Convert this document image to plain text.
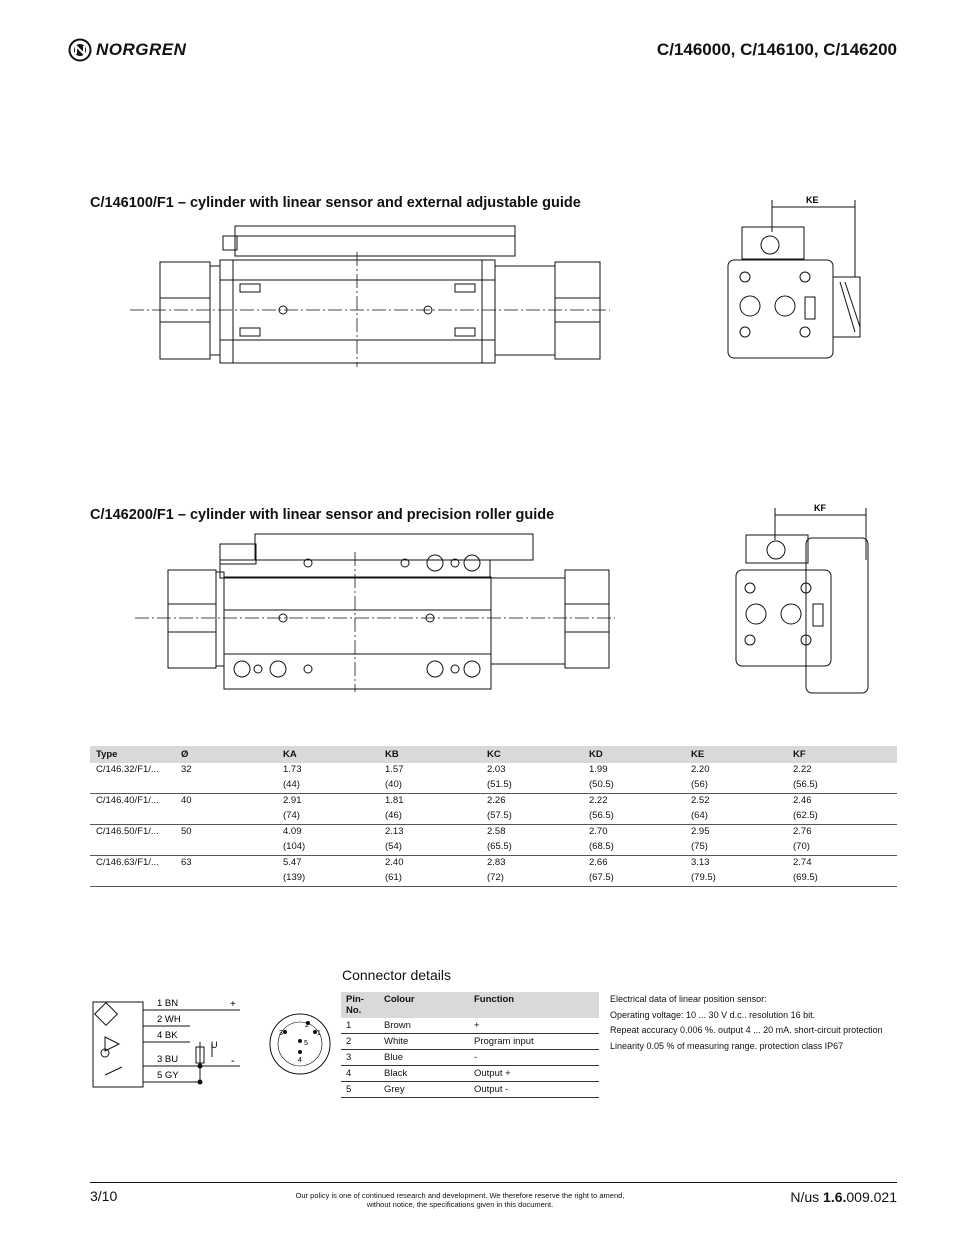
NORGREN	C/146000, C/146100, C/146200
C/146100/F1 – cylinder with linear sensor and external adjustable guide	KE
C/146200/F1 – cylinder with linear sensor and precision roller guide	KF
Type	Ø	KA	KB	KC	KD	KE	KF
C/146.32/F1/...	32	1.73	1.57	2.03	1.99	2.20	2.22
		(44)	(40)	(51.5)	(50.5)	(56)	(56.5)
C/146.40/F1/...	40	2.91	1.81	2.26	2.22	2.52	2.46
		(74)	(46)	(57.5)	(56.5)	(64)	(62.5)
C/146.50/F1/...	50	4.09	2.13	2.58	2.70	2.95	2.76
		(104)	(54)	(65.5)	(68.5)	(75)	(70)
C/146.63/F1/...	63	5.47	2.40	2.83	2.66	3.13	2.74
		(139)	(61)	(72)	(67.5)	(79.5)	(69.5)
1 BN
2 WH
4 BK
3 BU
5 GY
+
-
U
1
2
3
4
5
Connector details
Pin-
No.	Colour	Function
1	Brown	+
2	White	Program input
3	Blue	-
4	Black	Output +
5	Grey	Output -
Electrical data of linear position sensor:
Operating voltage: 10 ... 30 V d.c.. resolution 16 bit.
Repeat accuracy 0.006 %. output 4 ... 20 mA. short-circuit protection
Linearity 0.05 % of measuring range. protection class IP67
3/10	Our policy is one of continued research and development. We therefore reserve the right to amend,
without notice, the specifications given in this document.	N/us 1.6.009.021
